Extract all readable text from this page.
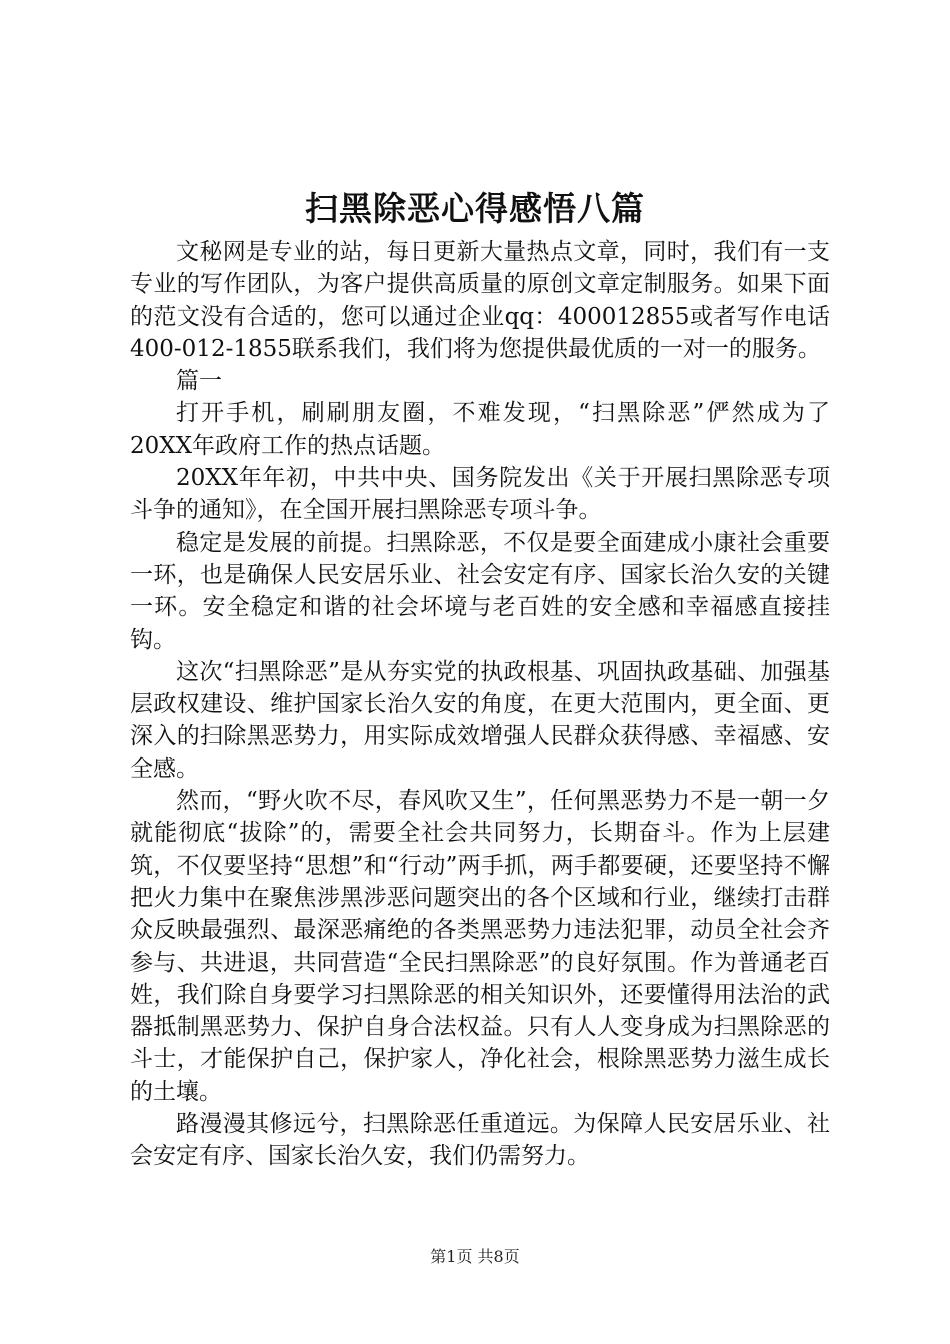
扫黑除恶心得感悟八篇

文秘网是专业的站，每日更新大量热点文章，同时，我们有一支专业的写作团队，为客户提供高质量的原创文章定制服务。如果下面的范文没有合适的，您可以通过企业qq：400012855或者写作电话400-012-1855联系我们，我们将为您提供最优质的一对一的服务。

篇一

打开手机，刷刷朋友圈，不难发现，“扫黑除恶”俨然成为了20XX年政府工作的热点话题。

20XX年年初，中共中央、国务院发出《关于开展扫黑除恶专项斗争的通知》，在全国开展扫黑除恶专项斗争。

稳定是发展的前提。扫黑除恶，不仅是要全面建成小康社会重要一环，也是确保人民安居乐业、社会安定有序、国家长治久安的关键一环。安全稳定和谐的社会坏境与老百姓的安全感和幸福感直接挂钩。

这次“扫黑除恶”是从夯实党的执政根基、巩固执政基础、加强基层政权建设、维护国家长治久安的角度，在更大范围内，更全面、更深入的扫除黑恶势力，用实际成效增强人民群众获得感、幸福感、安全感。

然而，“野火吹不尽，春风吹又生”，任何黑恶势力不是一朝一夕就能彻底“拔除”的，需要全社会共同努力，长期奋斗。作为上层建筑，不仅要坚持“思想”和“行动”两手抓，两手都要硬，还要坚持不懈把火力集中在聚焦涉黑涉恶问题突出的各个区域和行业，继续打击群众反映最强烈、最深恶痛绝的各类黑恶势力违法犯罪，动员全社会齐参与、共进退，共同营造“全民扫黑除恶”的良好氛围。作为普通老百姓，我们除自身要学习扫黑除恶的相关知识外，还要懂得用法治的武器抵制黑恶势力、保护自身合法权益。只有人人变身成为扫黑除恶的斗士，才能保护自己，保护家人，净化社会，根除黑恶势力滋生成长的土壤。

路漫漫其修远兮，扫黑除恶任重道远。为保障人民安居乐业、社会安定有序、国家长治久安，我们仍需努力。

第1页 共8页
